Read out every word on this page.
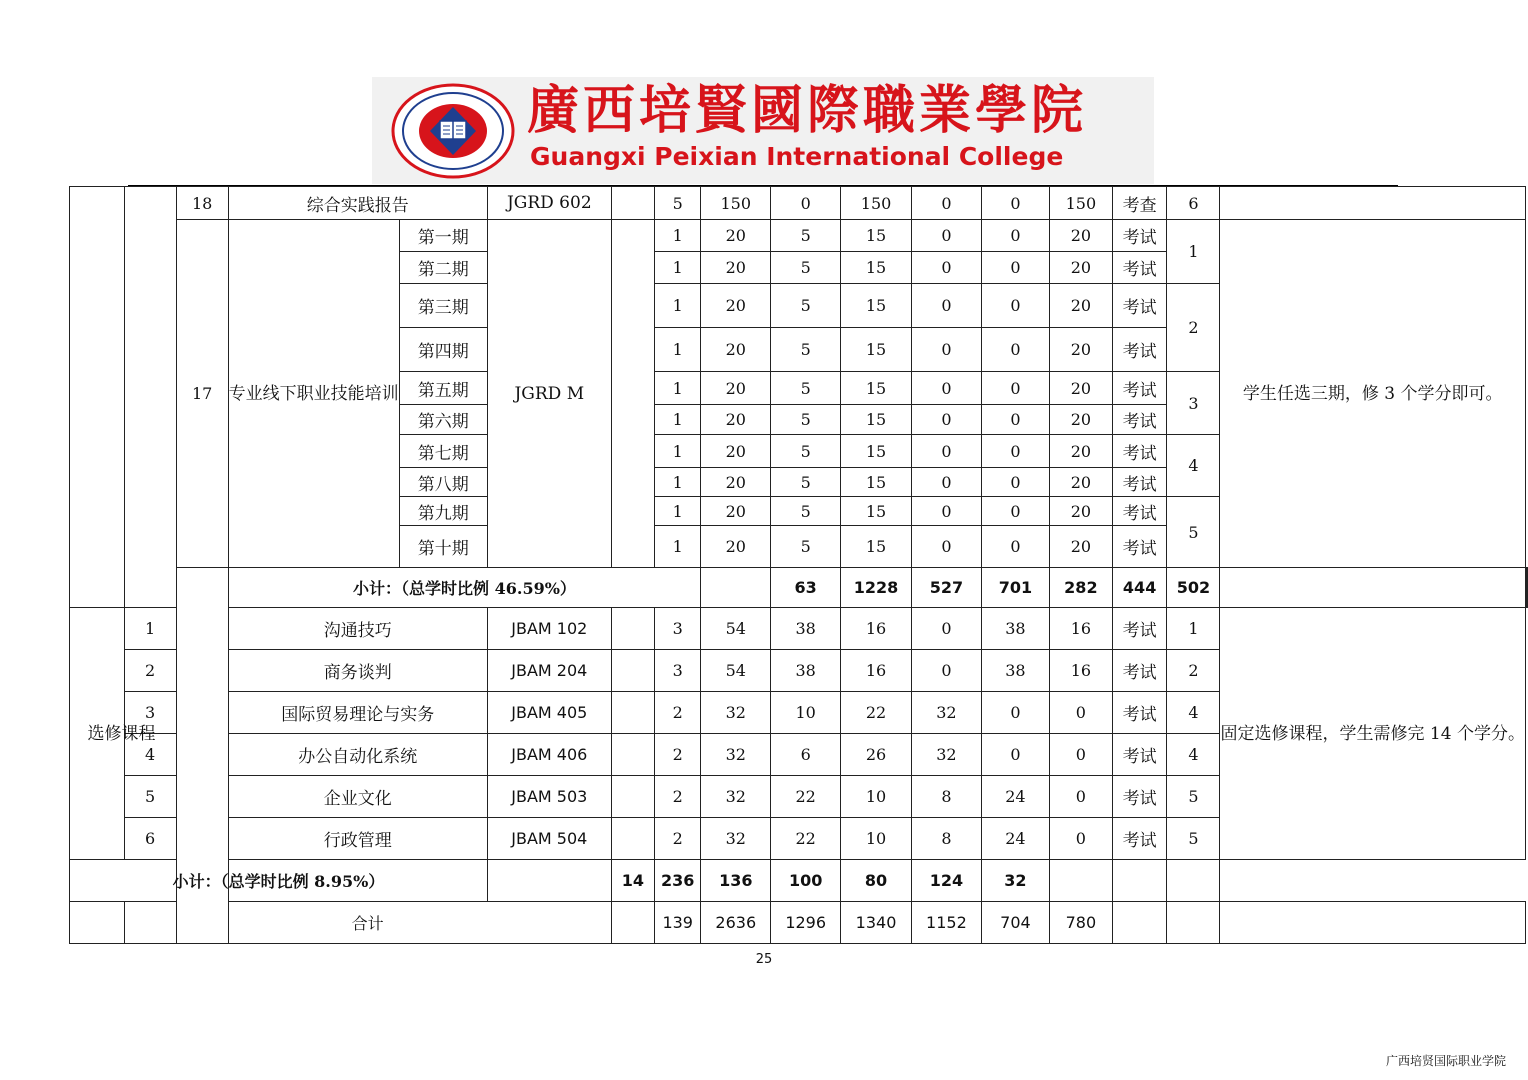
廣西培賢國際職業學院
Guangxi Peixian International College
		18	综合实践报告		JGRD 602		5	150	0	150	0	0	150	考查	6		
		17	专业线下职业技能培训	第一期	JGRD M		1	20	5	15	0	0	20	考试	1	学生任选三期，修 3 个学分即可。	
				第二期			1	20	5	15	0	0	20	考试			
				第三期			1	20	5	15	0	0	20	考试	2		
				第四期			1	20	5	15	0	0	20	考试			
				第五期			1	20	5	15	0	0	20	考试	3		
				第六期			1	20	5	15	0	0	20	考试			
				第七期			1	20	5	15	0	0	20	考试	4		
				第八期			1	20	5	15	0	0	20	考试			
				第九期			1	20	5	15	0	0	20	考试	5		
				第十期			1	20	5	15	0	0	20	考试			
			小计：（总学时比例 46.59%）						63	1228	527	701	282	444	502			

选修课程	1		沟通技巧		JBAM 102		3	54	38	16	0	38	16	考试	1	固定选修课程，学生需修完 14 个学分。	
	2		商务谈判		JBAM 204		3	54	38	16	0	38	16	考试	2		
	3		国际贸易理论与实务		JBAM 405		2	32	10	22	32	0	0	考试	4		
	4		办公自动化系统		JBAM 406		2	32	6	26	32	0	0	考试	4		
	5		企业文化		JBAM 503		2	32	22	10	8	24	0	考试	5		
	6		行政管理		JBAM 504		2	32	22	10	8	24	0	考试	5		
小计：（总学时比例 8.95%）						14	236	136	100	80	124	32					
	合计						139	2636	1296	1340	1152	704	780				
25
广西培贤国际职业学院
